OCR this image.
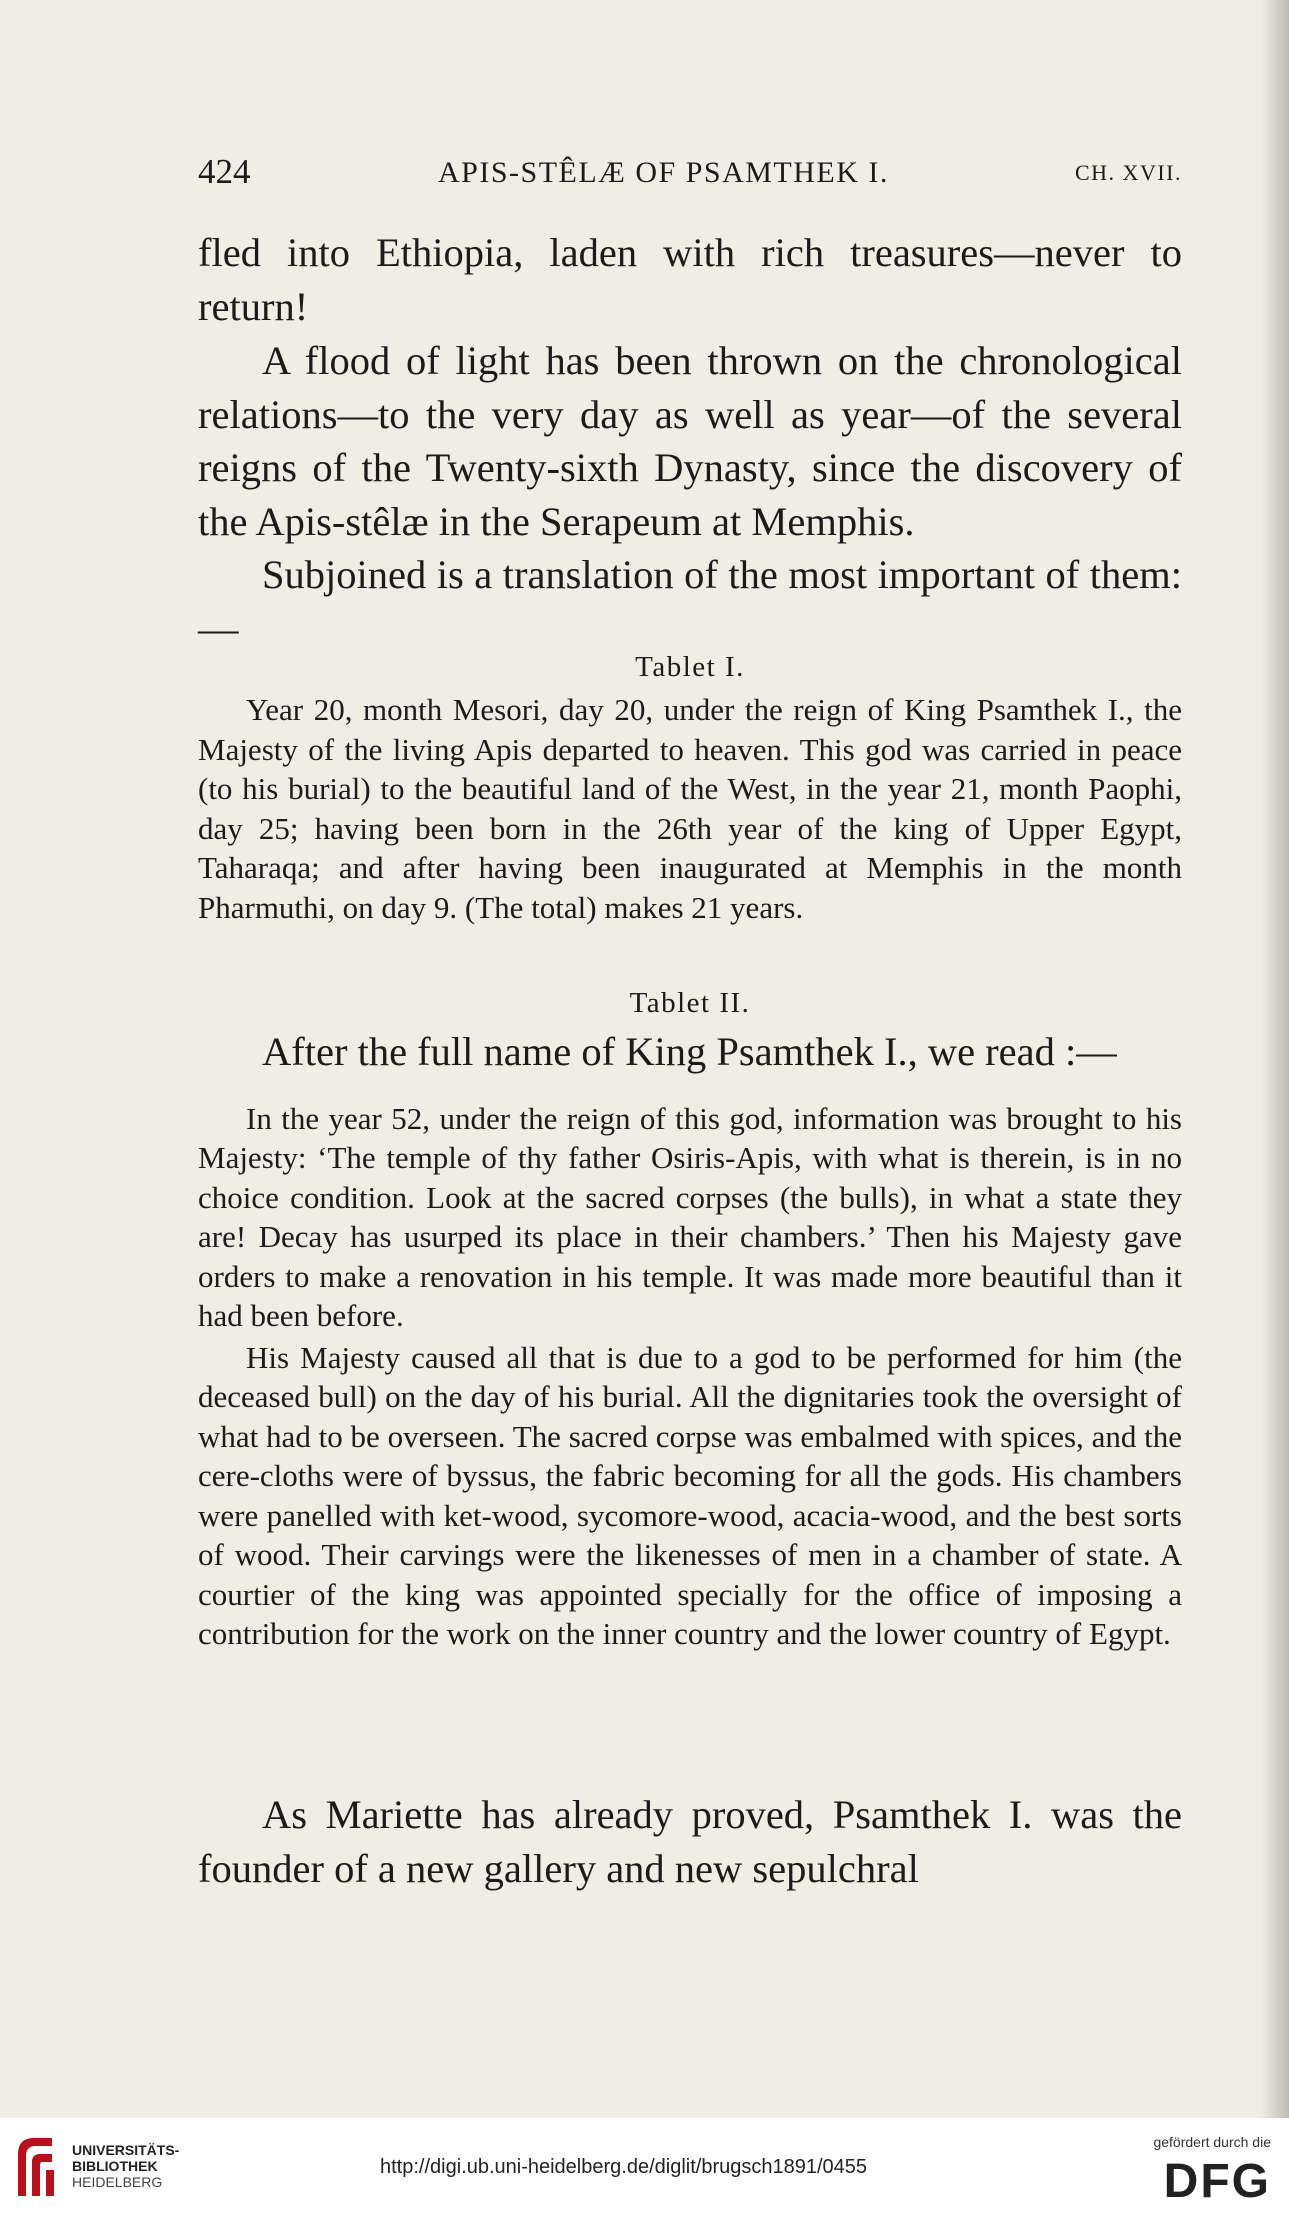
424	APIS-STÊLÆ OF PSAMTHEK I.	CH. XVII.

fled into Ethiopia, laden with rich treasures—never to return!

A flood of light has been thrown on the chronological relations—to the very day as well as year—of the several reigns of the Twenty-sixth Dynasty, since the discovery of the Apis-stêlæ in the Serapeum at Memphis.

Subjoined is a translation of the most important of them:—

Tablet I.

Year 20, month Mesori, day 20, under the reign of King Psamthek I., the Majesty of the living Apis departed to heaven. This god was carried in peace (to his burial) to the beautiful land of the West, in the year 21, month Paophi, day 25; having been born in the 26th year of the king of Upper Egypt, Taharaqa; and after having been inaugurated at Memphis in the month Pharmuthi, on day 9. (The total) makes 21 years.

Tablet II.

After the full name of King Psamthek I., we read :—

In the year 52, under the reign of this god, information was brought to his Majesty: ‘The temple of thy father Osiris-Apis, with what is therein, is in no choice condition. Look at the sacred corpses (the bulls), in what a state they are! Decay has usurped its place in their chambers.’ Then his Majesty gave orders to make a renovation in his temple. It was made more beautiful than it had been before.

His Majesty caused all that is due to a god to be performed for him (the deceased bull) on the day of his burial. All the dignitaries took the oversight of what had to be overseen. The sacred corpse was embalmed with spices, and the cere-cloths were of byssus, the fabric becoming for all the gods. His chambers were panelled with ket-wood, sycomore-wood, acacia-wood, and the best sorts of wood. Their carvings were the likenesses of men in a chamber of state. A courtier of the king was appointed specially for the office of imposing a contribution for the work on the inner country and the lower country of Egypt.

As Mariette has already proved, Psamthek I. was the founder of a new gallery and new sepulchral

UNIVERSITÄTS-
BIBLIOTHEK
HEIDELBERG
http://digi.ub.uni-heidelberg.de/diglit/brugsch1891/0455
gefördert durch die
DFG
